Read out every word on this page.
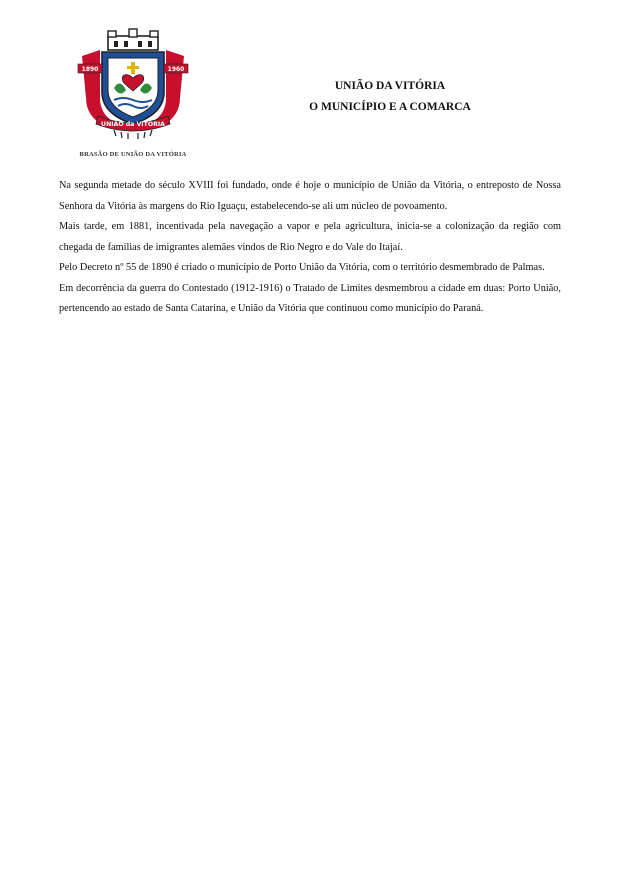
1890	1960
UNIÃO da VITÓRIA
BRASÃO DE UNIÃO DA VITÓRIA
UNIÃO DA VITÓRIA
O MUNICÍPIO E A COMARCA

Na segunda metade do século XVIII foi fundado, onde é hoje o município de União da Vitória, o entreposto de Nossa Senhora da Vitória às margens do Rio Iguaçu, estabelecendo-se ali um núcleo de povoamento.

Mais tarde, em 1881, incentivada pela navegação a vapor e pela agricultura, inicia-se a colonização da região com chegada de famílias de imigrantes alemães vindos de Rio Negro e do Vale do Itajaí.

Pelo Decreto nº 55 de 1890 é criado o município de Porto União da Vitória, com o território desmembrado de Palmas.

Em decorrência da guerra do Contestado (1912-1916) o Tratado de Limites desmembrou a cidade em duas: Porto União, pertencendo ao estado de Santa Catarina, e União da Vitória que continuou como município do Paraná.
